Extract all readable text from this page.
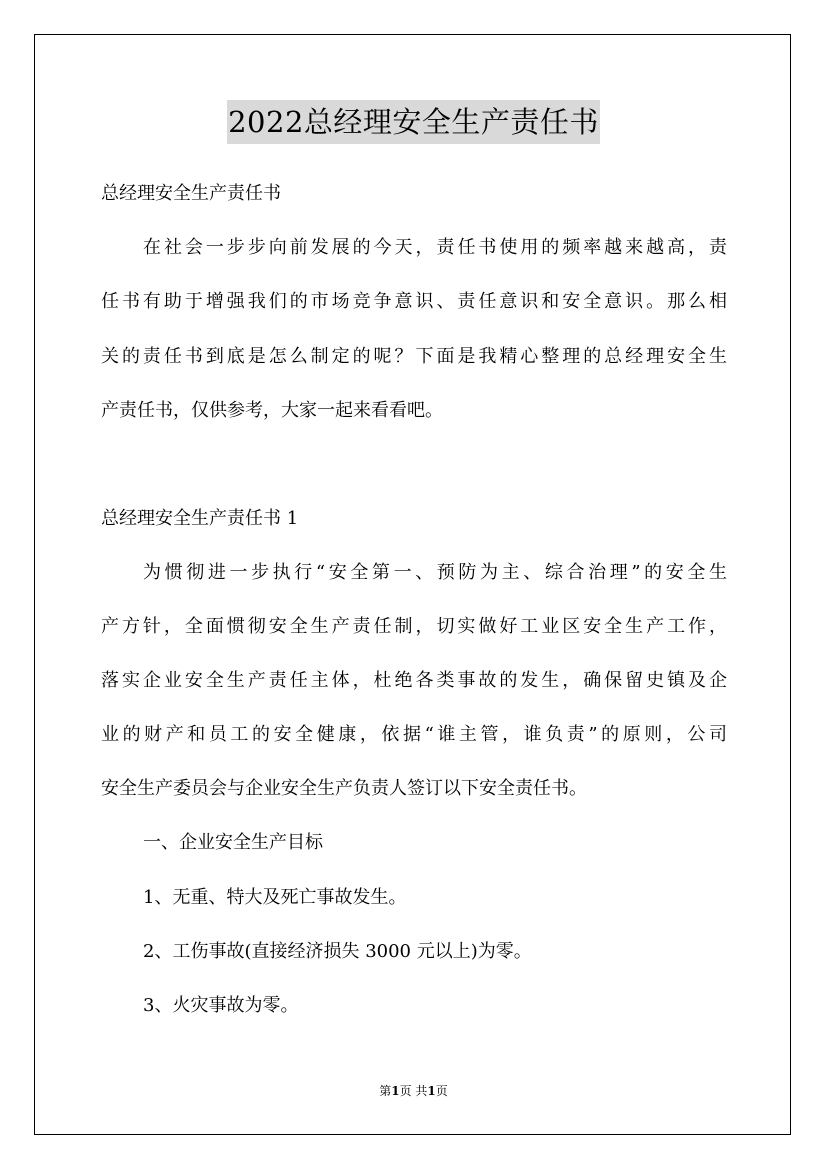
2022总经理安全生产责任书
总经理安全生产责任书
在社会一步步向前发展的今天，责任书使用的频率越来越高，责
任书有助于增强我们的市场竞争意识、责任意识和安全意识。那么相
关的责任书到底是怎么制定的呢？下面是我精心整理的总经理安全生
产责任书，仅供参考，大家一起来看看吧。
总经理安全生产责任书 1
为惯彻进一步执行“安全第一、预防为主、综合治理”的安全生
产方针，全面惯彻安全生产责任制，切实做好工业区安全生产工作，
落实企业安全生产责任主体，杜绝各类事故的发生，确保留史镇及企
业的财产和员工的安全健康，依据“谁主管，谁负责”的原则，公司
安全生产委员会与企业安全生产负责人签订以下安全责任书。
一、企业安全生产目标
1、无重、特大及死亡事故发生。
2、工伤事故(直接经济损失 3000 元以上)为零。
3、火灾事故为零。
第1页 共1页
